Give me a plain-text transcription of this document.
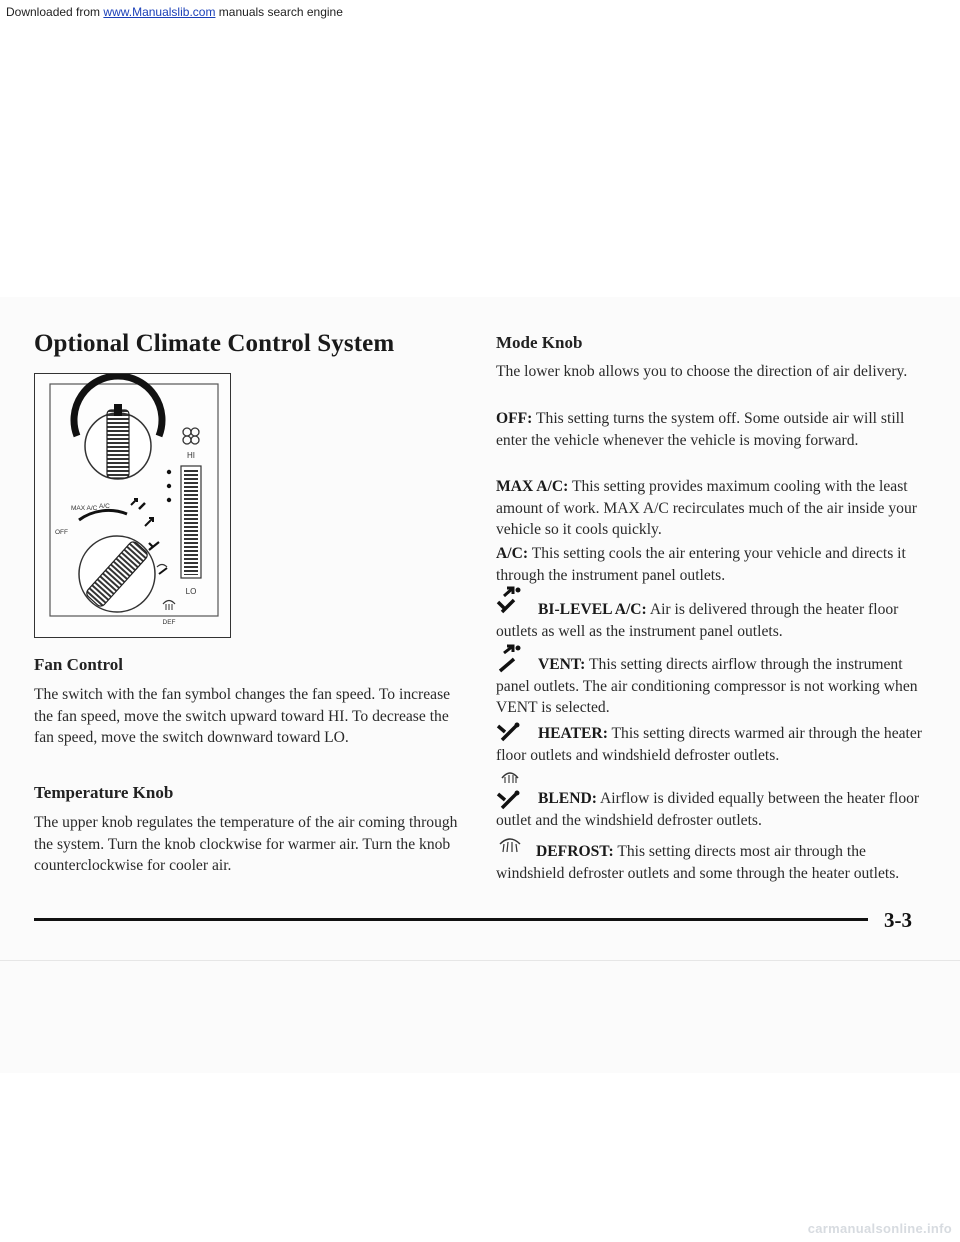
Downloaded from www.Manualslib.com manuals search engine
Optional Climate Control System
HI
LO
MAX A/C A/C
OFF
DEF
Fan Control

The switch with the fan symbol changes the fan speed. To increase the fan speed, move the switch upward toward HI. To decrease the fan speed, move the switch downward toward LO.

Temperature Knob

The upper knob regulates the temperature of the air coming through the system. Turn the knob clockwise for warmer air. Turn the knob counterclockwise for cooler air.

Mode Knob

The lower knob allows you to choose the direction of air delivery.

OFF: This setting turns the system off. Some outside air will still enter the vehicle whenever the vehicle is moving forward.

MAX A/C: This setting provides maximum cooling with the least amount of work. MAX A/C recirculates much of the air inside your vehicle so it cools quickly.

A/C: This setting cools the air entering your vehicle and directs it through the instrument panel outlets.

BI-LEVEL A/C: Air is delivered through the heater floor outlets as well as the instrument panel outlets.

VENT: This setting directs airflow through the instrument panel outlets. The air conditioning compressor is not working when VENT is selected.

HEATER: This setting directs warmed air through the heater floor outlets and windshield defroster outlets.

BLEND: Airflow is divided equally between the heater floor outlet and the windshield defroster outlets.

DEFROST: This setting directs most air through the windshield defroster outlets and some through the heater outlets.

3-3
carmanualsonline.info
